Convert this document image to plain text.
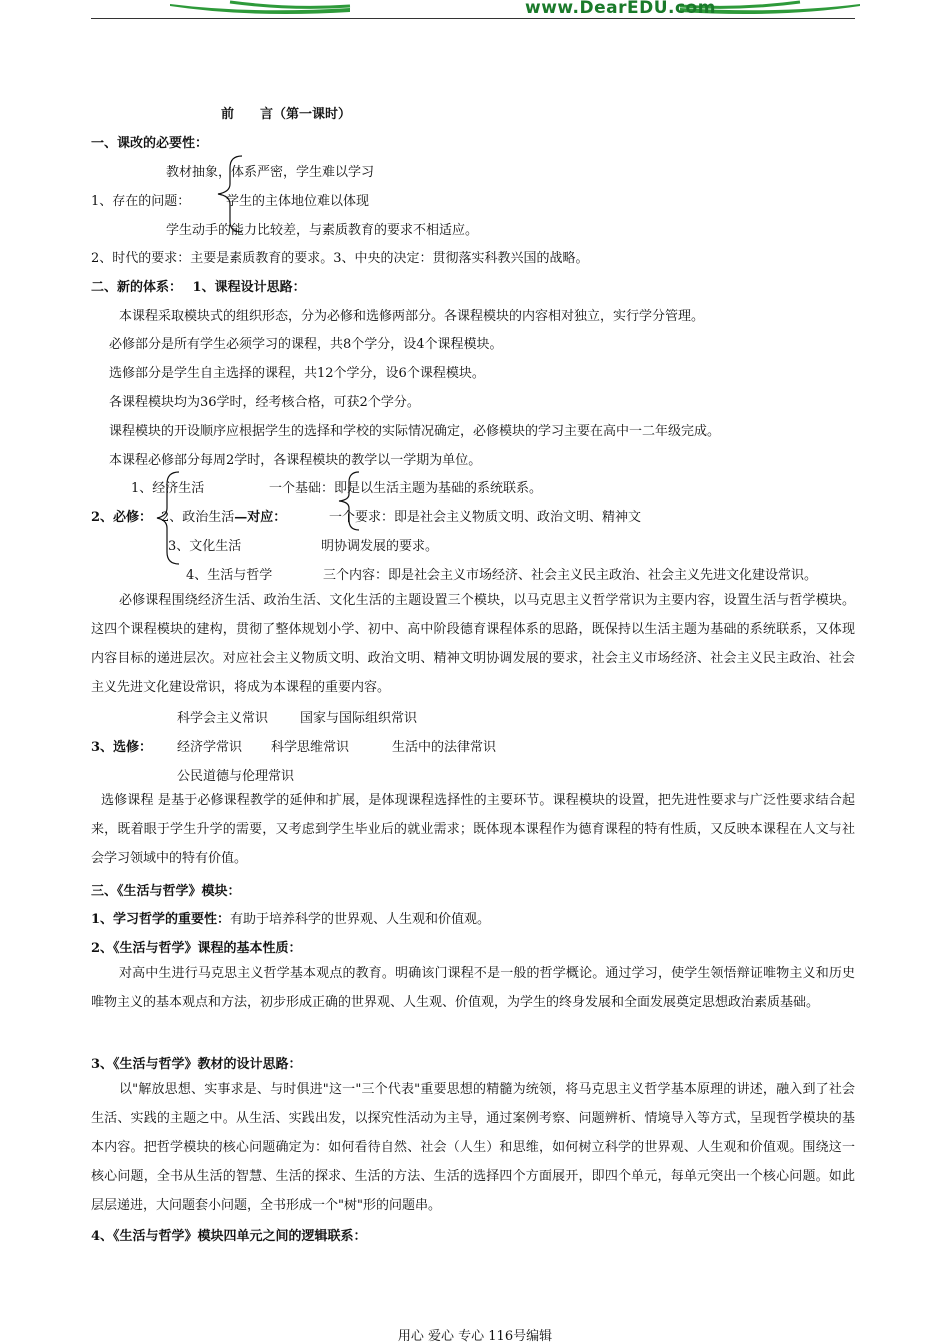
www.DearEDU.com
前　　言（第一课时）
一、课改的必要性：
教材抽象，体系严密，学生难以学习
1、存在的问题：	学生的主体地位难以体现
学生动手的能力比较差，与素质教育的要求不相适应。
2、时代的要求：主要是素质教育的要求。3、中央的决定：贯彻落实科教兴国的战略。
二、新的体系： 1、课程设计思路：
本课程采取模块式的组织形态，分为必修和选修两部分。各课程模块的内容相对独立，实行学分管理。
必修部分是所有学生必须学习的课程，共8个学分，设4个课程模块。
选修部分是学生自主选择的课程，共12个学分，设6个课程模块。
各课程模块均为36学时，经考核合格，可获2个学分。
课程模块的开设顺序应根据学生的选择和学校的实际情况确定，必修模块的学习主要在高中一二年级完成。
本课程必修部分每周2学时，各课程模块的教学以一学期为单位。
1、经济生活	一个基础：即是以生活主题为基础的系统联系。
2、必修： 2、政治生活—对应：	一个要求：即是社会主义物质文明、政治文明、精神文
3、文化生活	明协调发展的要求。
4、生活与哲学	三个内容：即是社会主义市场经济、社会主义民主政治、社会主义先进文化建设常识。
必修课程围绕经济生活、政治生活、文化生活的主题设置三个模块，以马克思主义哲学常识为主要内容，设置生活与哲学模块。这四个课程模块的建构，贯彻了整体规划小学、初中、高中阶段德育课程体系的思路，既保持以生活主题为基础的系统联系，又体现内容目标的递进层次。对应社会主义物质文明、政治文明、精神文明协调发展的要求，社会主义市场经济、社会主义民主政治、社会主义先进文化建设常识，将成为本课程的重要内容。
科学会主义常识 国家与国际组织常识
3、选修： 经济学常识 科学思维常识	生活中的法律常识
公民道德与伦理常识
选修课程 是基于必修课程教学的延伸和扩展，是体现课程选择性的主要环节。课程模块的设置，把先进性要求与广泛性要求结合起来，既着眼于学生升学的需要，又考虑到学生毕业后的就业需求；既体现本课程作为德育课程的特有性质，又反映本课程在人文与社会学习领域中的特有价值。
三、《生活与哲学》模块：
1、学习哲学的重要性：有助于培养科学的世界观、人生观和价值观。
2、《生活与哲学》课程的基本性质：
对高中生进行马克思主义哲学基本观点的教育。明确该门课程不是一般的哲学概论。通过学习，使学生领悟辩证唯物主义和历史唯物主义的基本观点和方法，初步形成正确的世界观、人生观、价值观，为学生的终身发展和全面发展奠定思想政治素质基础。
3、《生活与哲学》教材的设计思路：
以"解放思想、实事求是、与时俱进"这一"三个代表"重要思想的精髓为统领，将马克思主义哲学基本原理的讲述，融入到了社会生活、实践的主题之中。从生活、实践出发，以探究性活动为主导，通过案例考察、问题辨析、情境导入等方式，呈现哲学模块的基本内容。把哲学模块的核心问题确定为：如何看待自然、社会（人生）和思维，如何树立科学的世界观、人生观和价值观。围绕这一核心问题，全书从生活的智慧、生活的探求、生活的方法、生活的选择四个方面展开，即四个单元，每单元突出一个核心问题。如此层层递进，大问题套小问题，全书形成一个"树"形的问题串。
4、《生活与哲学》模块四单元之间的逻辑联系：
用心 爱心 专心 116号编辑
